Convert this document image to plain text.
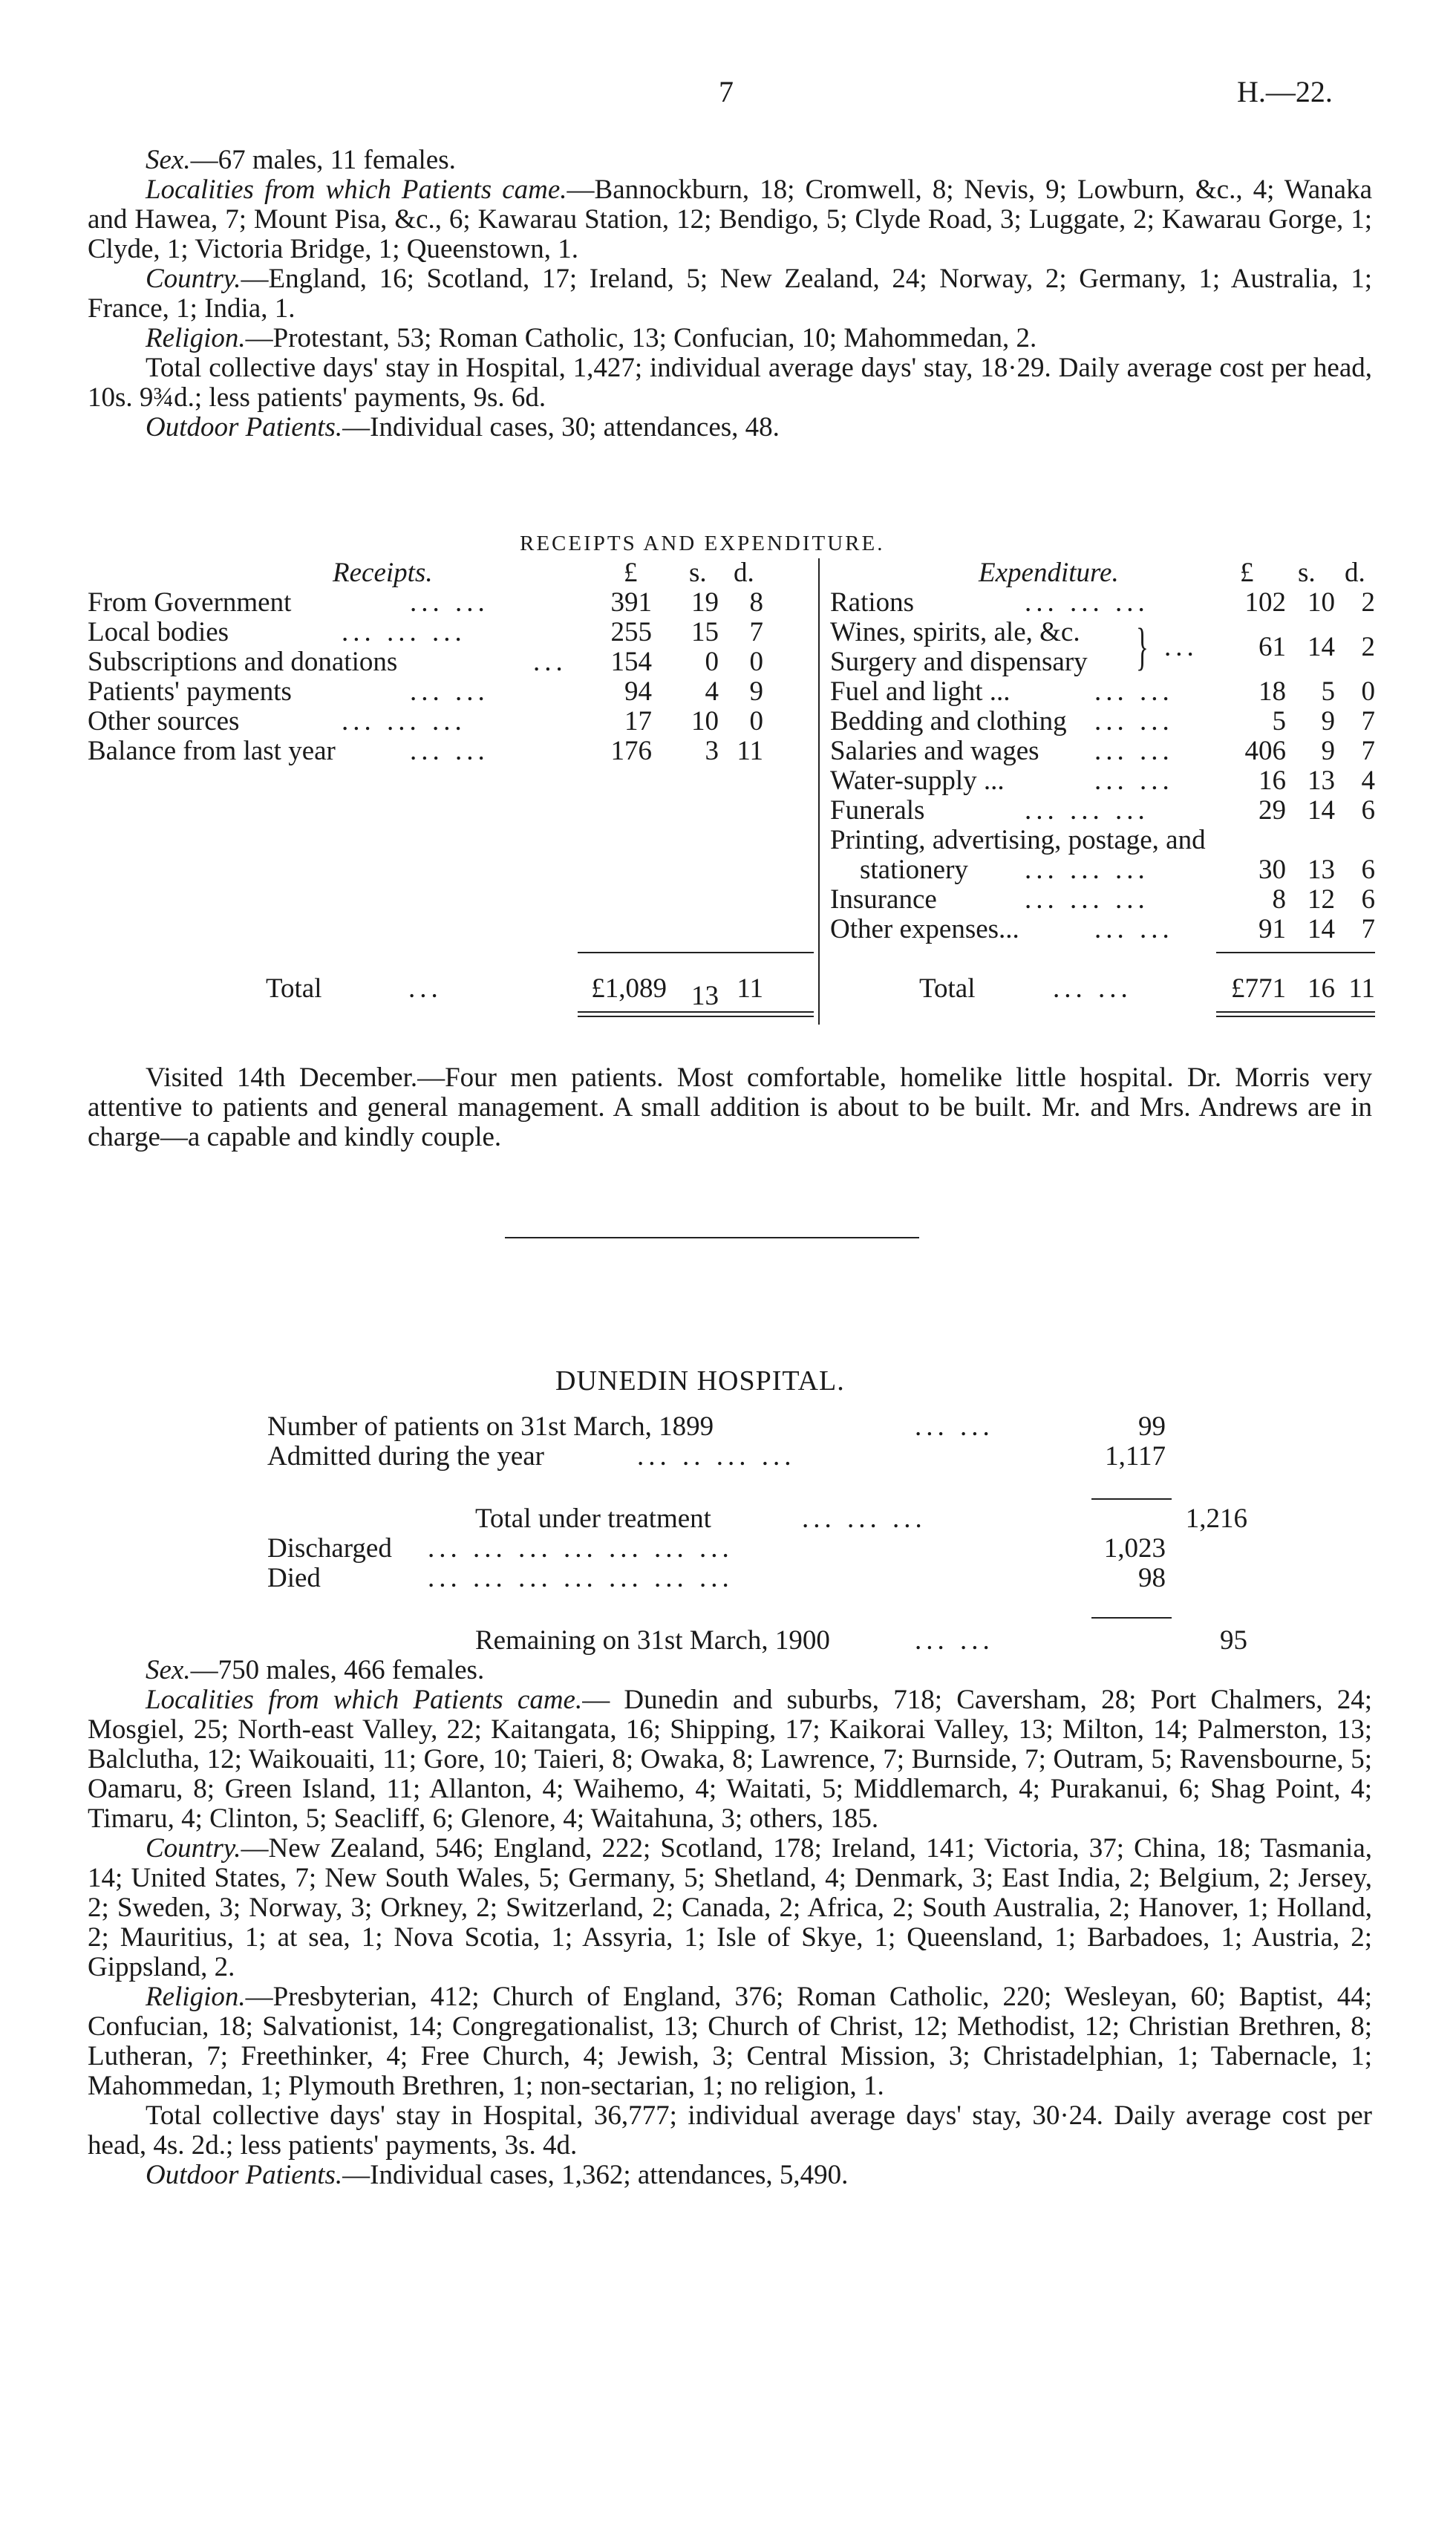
7	H.—22.

Sex.—67 males, 11 females.

Localities from which Patients came.—Bannockburn, 18; Cromwell, 8; Nevis, 9; Lowburn, &c., 4; Wanaka and Hawea, 7; Mount Pisa, &c., 6; Kawarau Station, 12; Bendigo, 5; Clyde Road, 3; Luggate, 2; Kawarau Gorge, 1; Clyde, 1; Victoria Bridge, 1; Queenstown, 1.

Country.—England, 16; Scotland, 17; Ireland, 5; New Zealand, 24; Norway, 2; Germany, 1; Australia, 1; France, 1; India, 1.

Religion.—Protestant, 53; Roman Catholic, 13; Confucian, 10; Mahommedan, 2.

Total collective days' stay in Hospital, 1,427; individual average days' stay, 18·29. Daily average cost per head, 10s. 9¾d.; less patients' payments, 9s. 6d.

Outdoor Patients.—Individual cases, 30; attendances, 48.

RECEIPTS AND EXPENDITURE.
Receipts.	£ s. d.	Expenditure.	£ s. d.
From Government	... ...	391	19	8
Local bodies	... ... ...	255	15	7
Subscriptions and donations	...	154	0	0
Patients' payments	... ...	94	4	9
Other sources	... ... ...	17	10	0
Balance from last year	... ...	176	3 11
Rations	... ... ...	102 10 2
Wines, spirits, ale, &c.
Surgery and dispensary } ...	61 14 2
Fuel and light ...	... ...	18	5 0
Bedding and clothing ... ...	5	9 7
Salaries and wages ... ...	406	9 7
Water-supply ...	... ...	16 13 4
Funerals	... ... ...	29 14 6
Printing, advertising, postage, and
stationery ... ... ...	30 13 6
Insurance	... ... ...	8 12 6
Other expenses...	... ...	91 14 7
Total	...	£1,089 13 11	Total	... ...	£771 16 11

Visited 14th December.—Four men patients. Most comfortable, homelike little hospital. Dr. Morris very attentive to patients and general management. A small addition is about to be built. Mr. and Mrs. Andrews are in charge—a capable and kindly couple.

DUNEDIN HOSPITAL.
Number of patients on 31st March, 1899	... ...	99
Admitted during the year	... .. ... ...	1,117
Total under treatment	... ... ...	1,216
Discharged ... ... ... ... ... ... ...	1,023
Died	... ... ... ... ... ... ...	98
Remaining on 31st March, 1900	... ...	95

Sex.—750 males, 466 females.

Localities from which Patients came.— Dunedin and suburbs, 718; Caversham, 28; Port Chalmers, 24; Mosgiel, 25; North-east Valley, 22; Kaitangata, 16; Shipping, 17; Kaikorai Valley, 13; Milton, 14; Palmerston, 13; Balclutha, 12; Waikouaiti, 11; Gore, 10; Taieri, 8; Owaka, 8; Lawrence, 7; Burnside, 7; Outram, 5; Ravensbourne, 5; Oamaru, 8; Green Island, 11; Allanton, 4; Waihemo, 4; Waitati, 5; Middlemarch, 4; Purakanui, 6; Shag Point, 4; Timaru, 4; Clinton, 5; Seacliff, 6; Glenore, 4; Waitahuna, 3; others, 185.

Country.—New Zealand, 546; England, 222; Scotland, 178; Ireland, 141; Victoria, 37; China, 18; Tasmania, 14; United States, 7; New South Wales, 5; Germany, 5; Shetland, 4; Denmark, 3; East India, 2; Belgium, 2; Jersey, 2; Sweden, 3; Norway, 3; Orkney, 2; Switzerland, 2; Canada, 2; Africa, 2; South Australia, 2; Hanover, 1; Holland, 2; Mauritius, 1; at sea, 1; Nova Scotia, 1; Assyria, 1; Isle of Skye, 1; Queensland, 1; Barbadoes, 1; Austria, 2; Gippsland, 2.

Religion.—Presbyterian, 412; Church of England, 376; Roman Catholic, 220; Wesleyan, 60; Baptist, 44; Confucian, 18; Salvationist, 14; Congregationalist, 13; Church of Christ, 12; Methodist, 12; Christian Brethren, 8; Lutheran, 7; Freethinker, 4; Free Church, 4; Jewish, 3; Central Mission, 3; Christadelphian, 1; Tabernacle, 1; Mahommedan, 1; Plymouth Brethren, 1; non-sectarian, 1; no religion, 1.

Total collective days' stay in Hospital, 36,777; individual average days' stay, 30·24. Daily average cost per head, 4s. 2d.; less patients' payments, 3s. 4d.

Outdoor Patients.—Individual cases, 1,362; attendances, 5,490.
